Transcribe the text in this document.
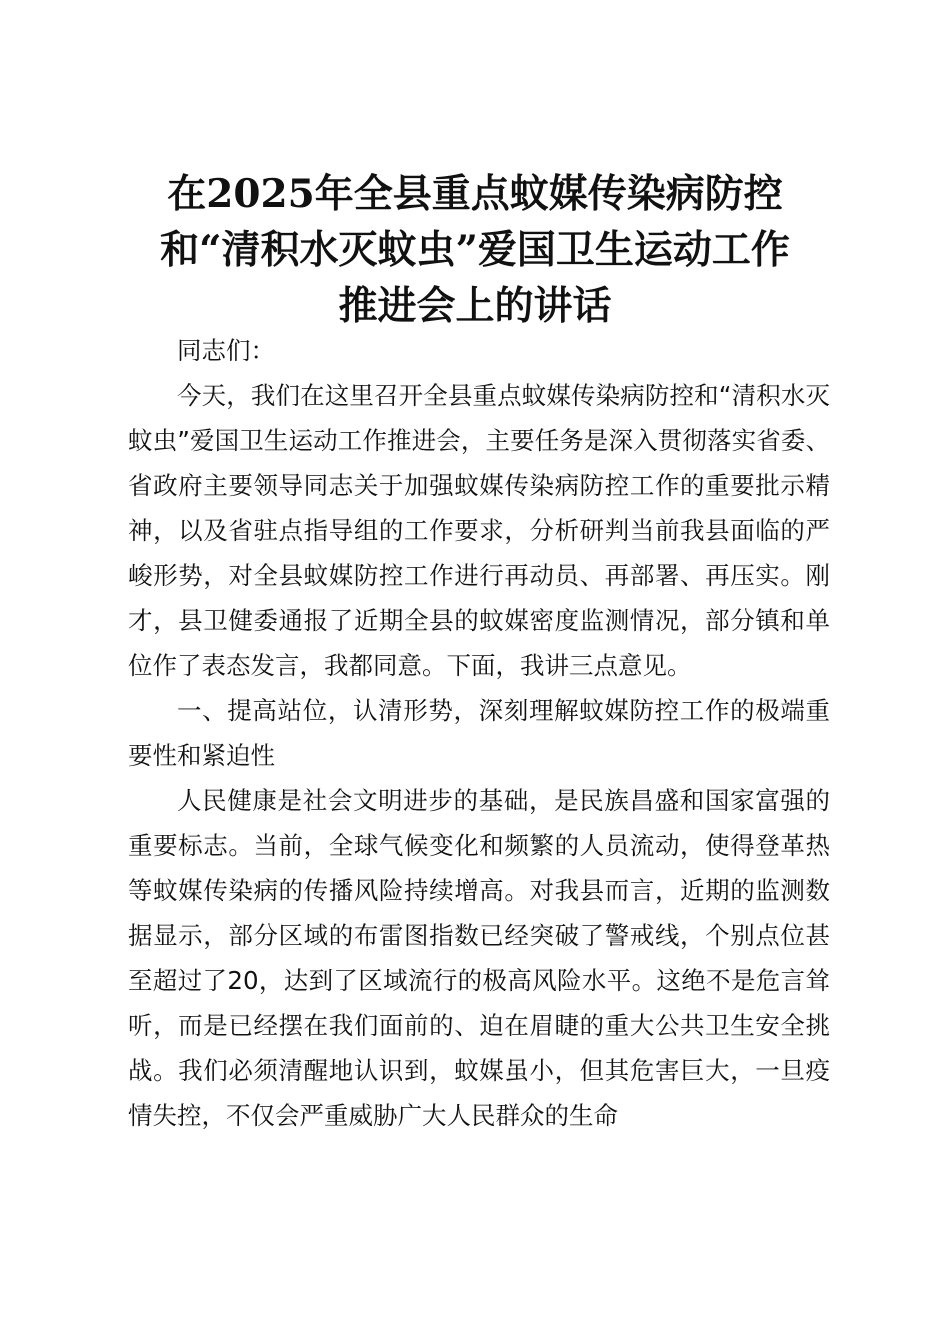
在2025年全县重点蚊媒传染病防控
和“清积水灭蚊虫”爱国卫生运动工作
推进会上的讲话

同志们：

今天，我们在这里召开全县重点蚊媒传染病防控和“清积水灭蚊虫”爱国卫生运动工作推进会，主要任务是深入贯彻落实省委、省政府主要领导同志关于加强蚊媒传染病防控工作的重要批示精神，以及省驻点指导组的工作要求，分析研判当前我县面临的严峻形势，对全县蚊媒防控工作进行再动员、再部署、再压实。刚才，县卫健委通报了近期全县的蚊媒密度监测情况，部分镇和单位作了表态发言，我都同意。下面，我讲三点意见。

一、提高站位，认清形势，深刻理解蚊媒防控工作的极端重要性和紧迫性

人民健康是社会文明进步的基础，是民族昌盛和国家富强的重要标志。当前，全球气候变化和频繁的人员流动，使得登革热等蚊媒传染病的传播风险持续增高。对我县而言，近期的监测数据显示，部分区域的布雷图指数已经突破了警戒线，个别点位甚至超过了20，达到了区域流行的极高风险水平。这绝不是危言耸听，而是已经摆在我们面前的、迫在眉睫的重大公共卫生安全挑战。我们必须清醒地认识到，蚊媒虽小，但其危害巨大，一旦疫情失控，不仅会严重威胁广大人民群众的生命
